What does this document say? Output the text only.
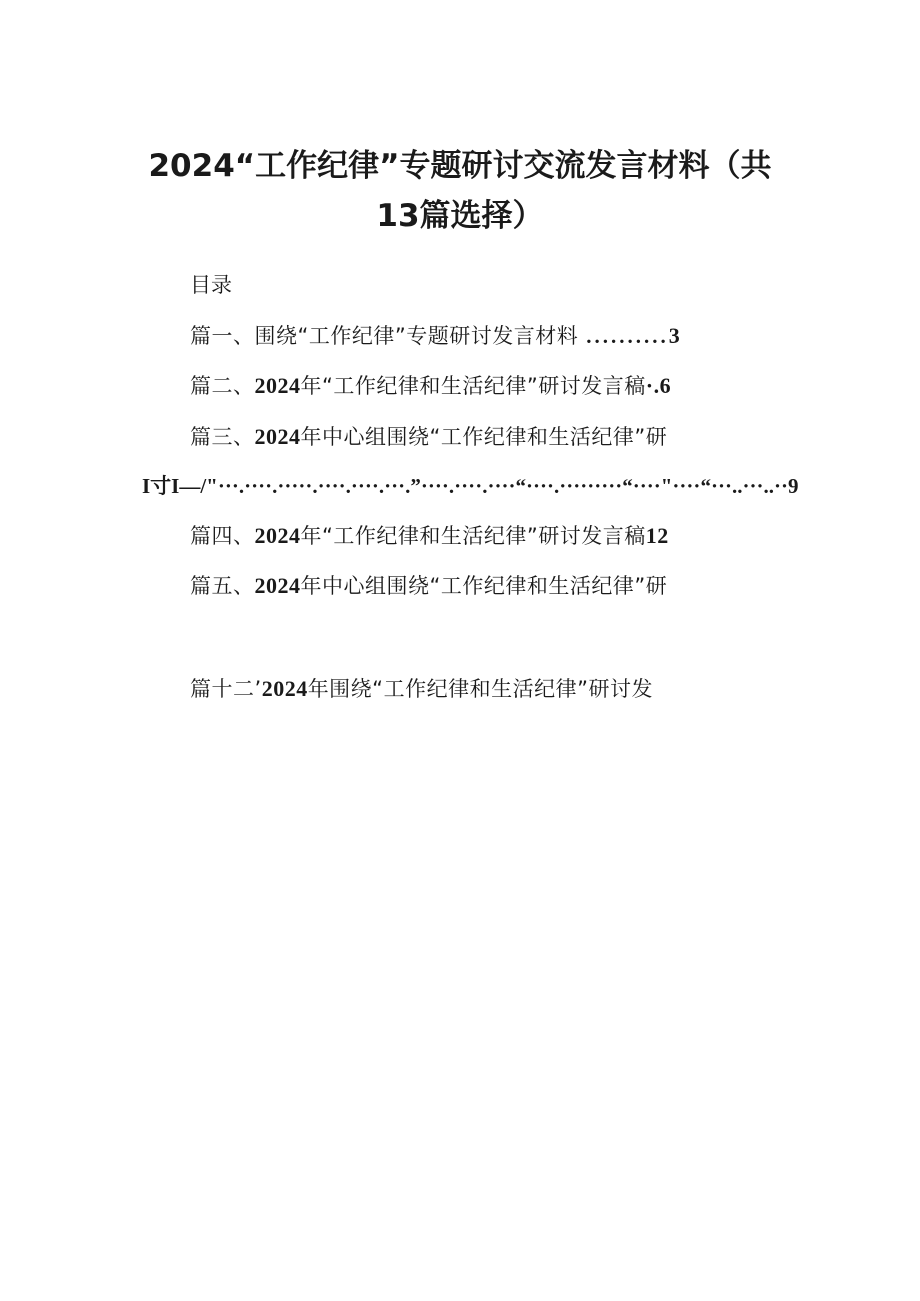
2024“工作纪律”专题研讨交流发言材料（共
13篇选择）
目录
篇一、围绕“工作纪律”专题研讨发言材料 ..........3
篇二、2024年“工作纪律和生活纪律”研讨发言稿·.6
篇三、2024年中心组围绕“工作纪律和生活纪律”研
I寸I—/"···.····.·····.····.····.···.”····.····.····“····.·········“····"····“···..···..··9
篇四、2024年“工作纪律和生活纪律”研讨发言稿12
篇五、2024年中心组围绕“工作纪律和生活纪律”研
篇十二’2024年围绕“工作纪律和生活纪律”研讨发
